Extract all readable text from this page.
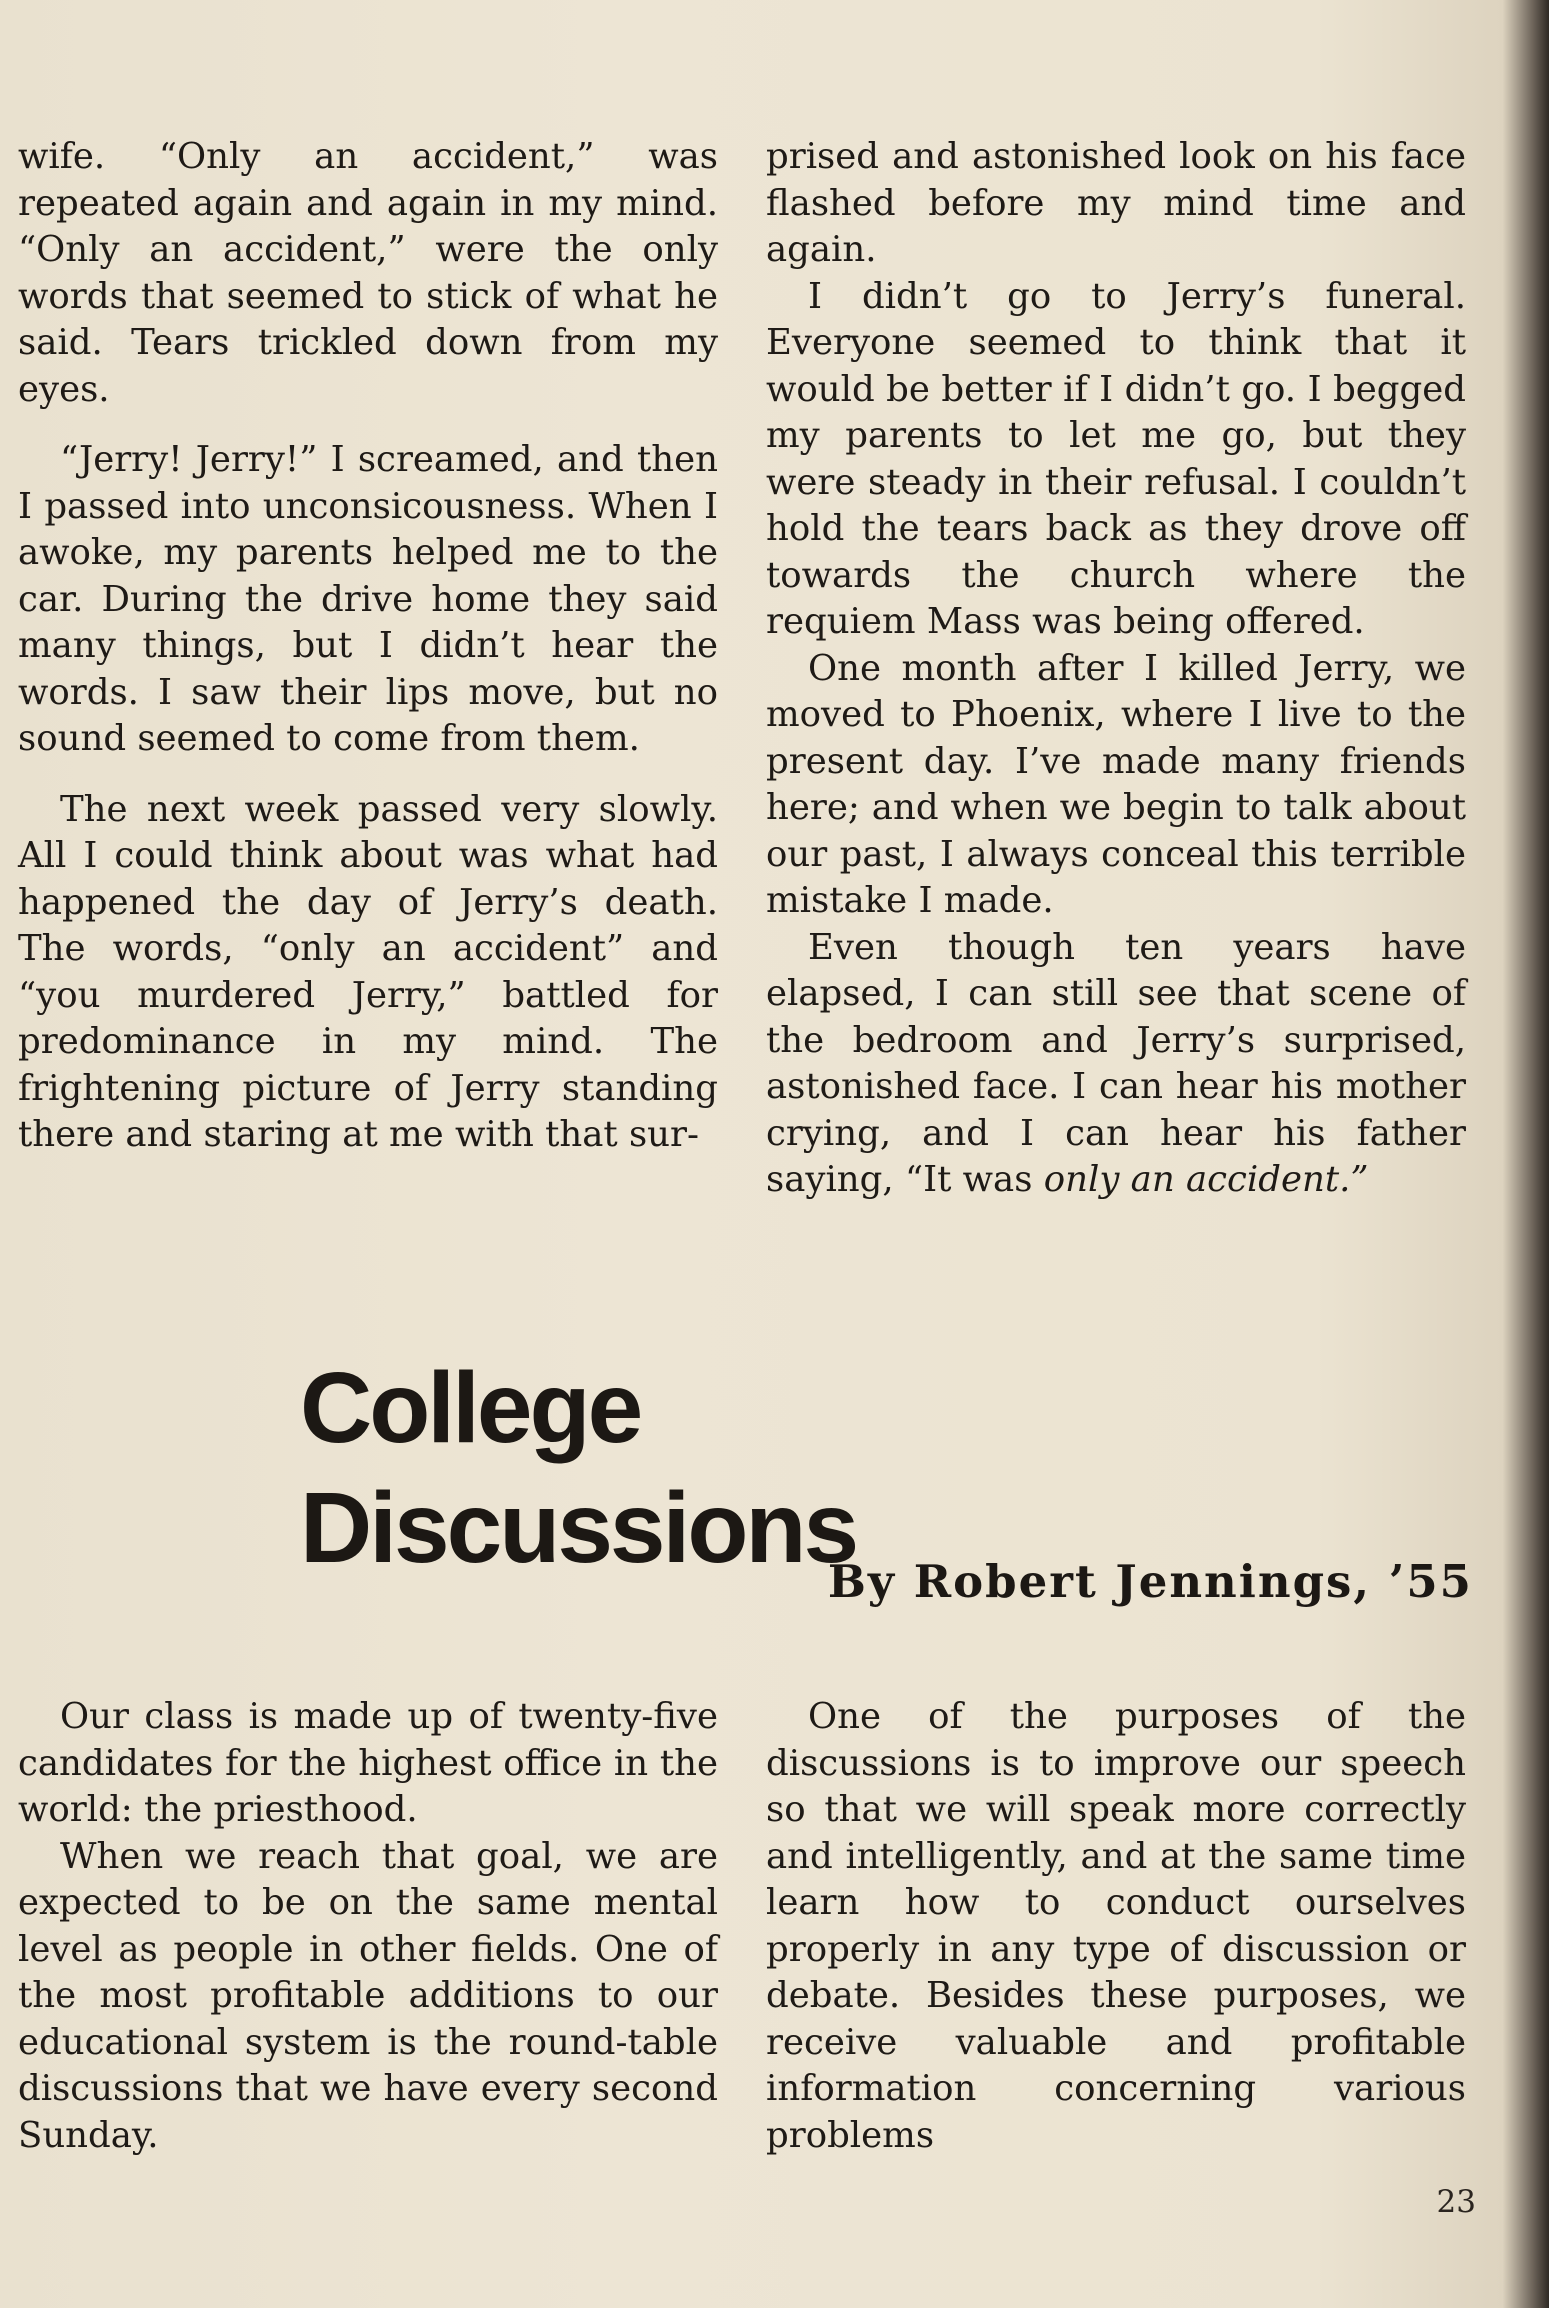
wife. “Only an accident,” was repeated again and again in my mind. “Only an accident,” were the only words that seemed to stick of what he said. Tears trickled down from my eyes.

“Jerry! Jerry!” I screamed, and then I passed into unconsicousness. When I awoke, my parents helped me to the car. During the drive home they said many things, but I didn’t hear the words. I saw their lips move, but no sound seemed to come from them.

The next week passed very slowly. All I could think about was what had happened the day of Jerry’s death. The words, “only an accident” and “you murdered Jerry,” battled for predominance in my mind. The frightening picture of Jerry standing there and staring at me with that sur-

prised and astonished look on his face flashed before my mind time and again.

I didn’t go to Jerry’s funeral. Everyone seemed to think that it would be better if I didn’t go. I begged my parents to let me go, but they were steady in their refusal. I couldn’t hold the tears back as they drove off towards the church where the requiem Mass was being offered.

One month after I killed Jerry, we moved to Phoenix, where I live to the present day. I’ve made many friends here; and when we begin to talk about our past, I always conceal this terrible mistake I made.

Even though ten years have elapsed, I can still see that scene of the bedroom and Jerry’s surprised, astonished face. I can hear his mother crying, and I can hear his father saying, “It was only an accident.”

College Discussions
By Robert Jennings, ’55

Our class is made up of twenty-five candidates for the highest office in the world: the priesthood.

When we reach that goal, we are expected to be on the same mental level as people in other fields. One of the most profitable additions to our educational system is the round-table discussions that we have every second Sunday.

One of the purposes of the discussions is to improve our speech so that we will speak more correctly and intelligently, and at the same time learn how to conduct ourselves properly in any type of discussion or debate. Besides these purposes, we receive valuable and profitable information concerning various problems

23
